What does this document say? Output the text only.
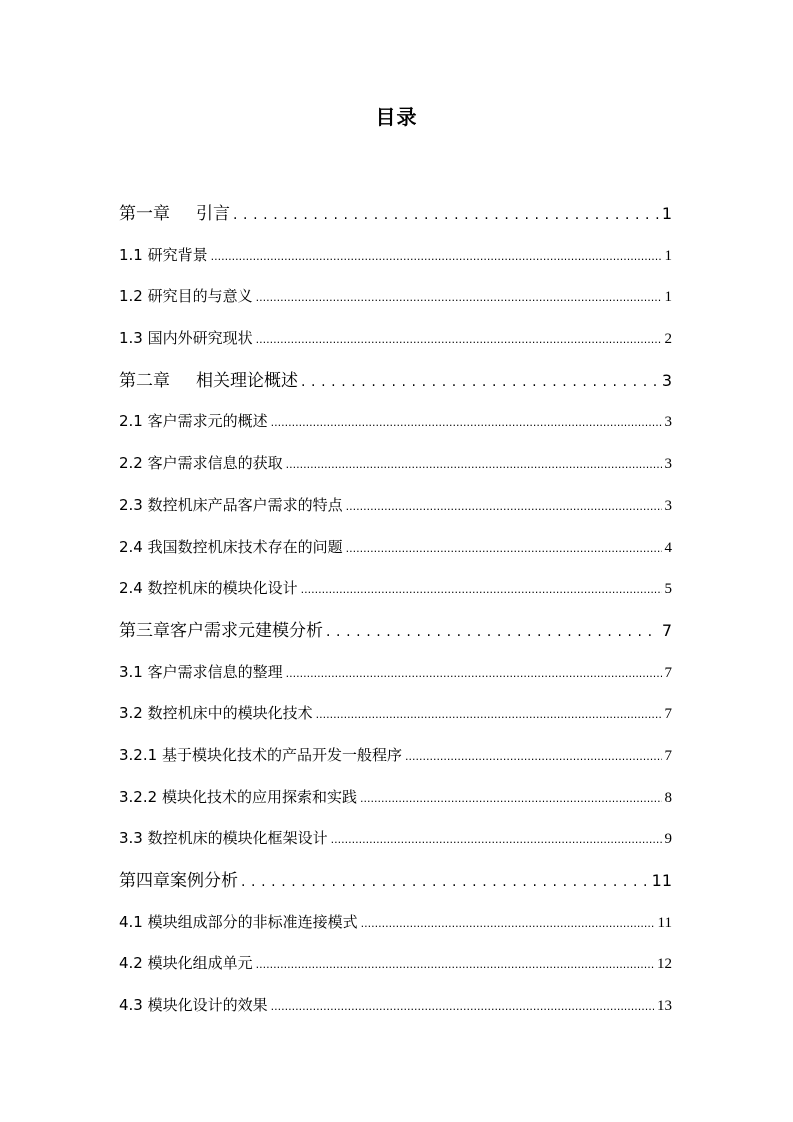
目录
第一章 引言 .....	1
1.1 研究背景 .....	1
1.2 研究目的与意义 .....	1
1.3 国内外研究现状 .....	2
第二章 相关理论概述 .....	3
2.1 客户需求元的概述 .....	3
2.2 客户需求信息的获取 .....	3
2.3 数控机床产品客户需求的特点 .....	3
2.4 我国数控机床技术存在的问题 .....	4
2.4 数控机床的模块化设计 .....	5
第三章客户需求元建模分析 .....	7
3.1 客户需求信息的整理 .....	7
3.2 数控机床中的模块化技术 .....	7
3.2.1 基于模块化技术的产品开发一般程序 .....	7
3.2.2 模块化技术的应用探索和实践 .....	8
3.3 数控机床的模块化框架设计 .....	9
第四章案例分析 .....	11
4.1 模块组成部分的非标准连接模式 .....	11
4.2 模块化组成单元 .....	12
4.3 模块化设计的效果 .....	13
